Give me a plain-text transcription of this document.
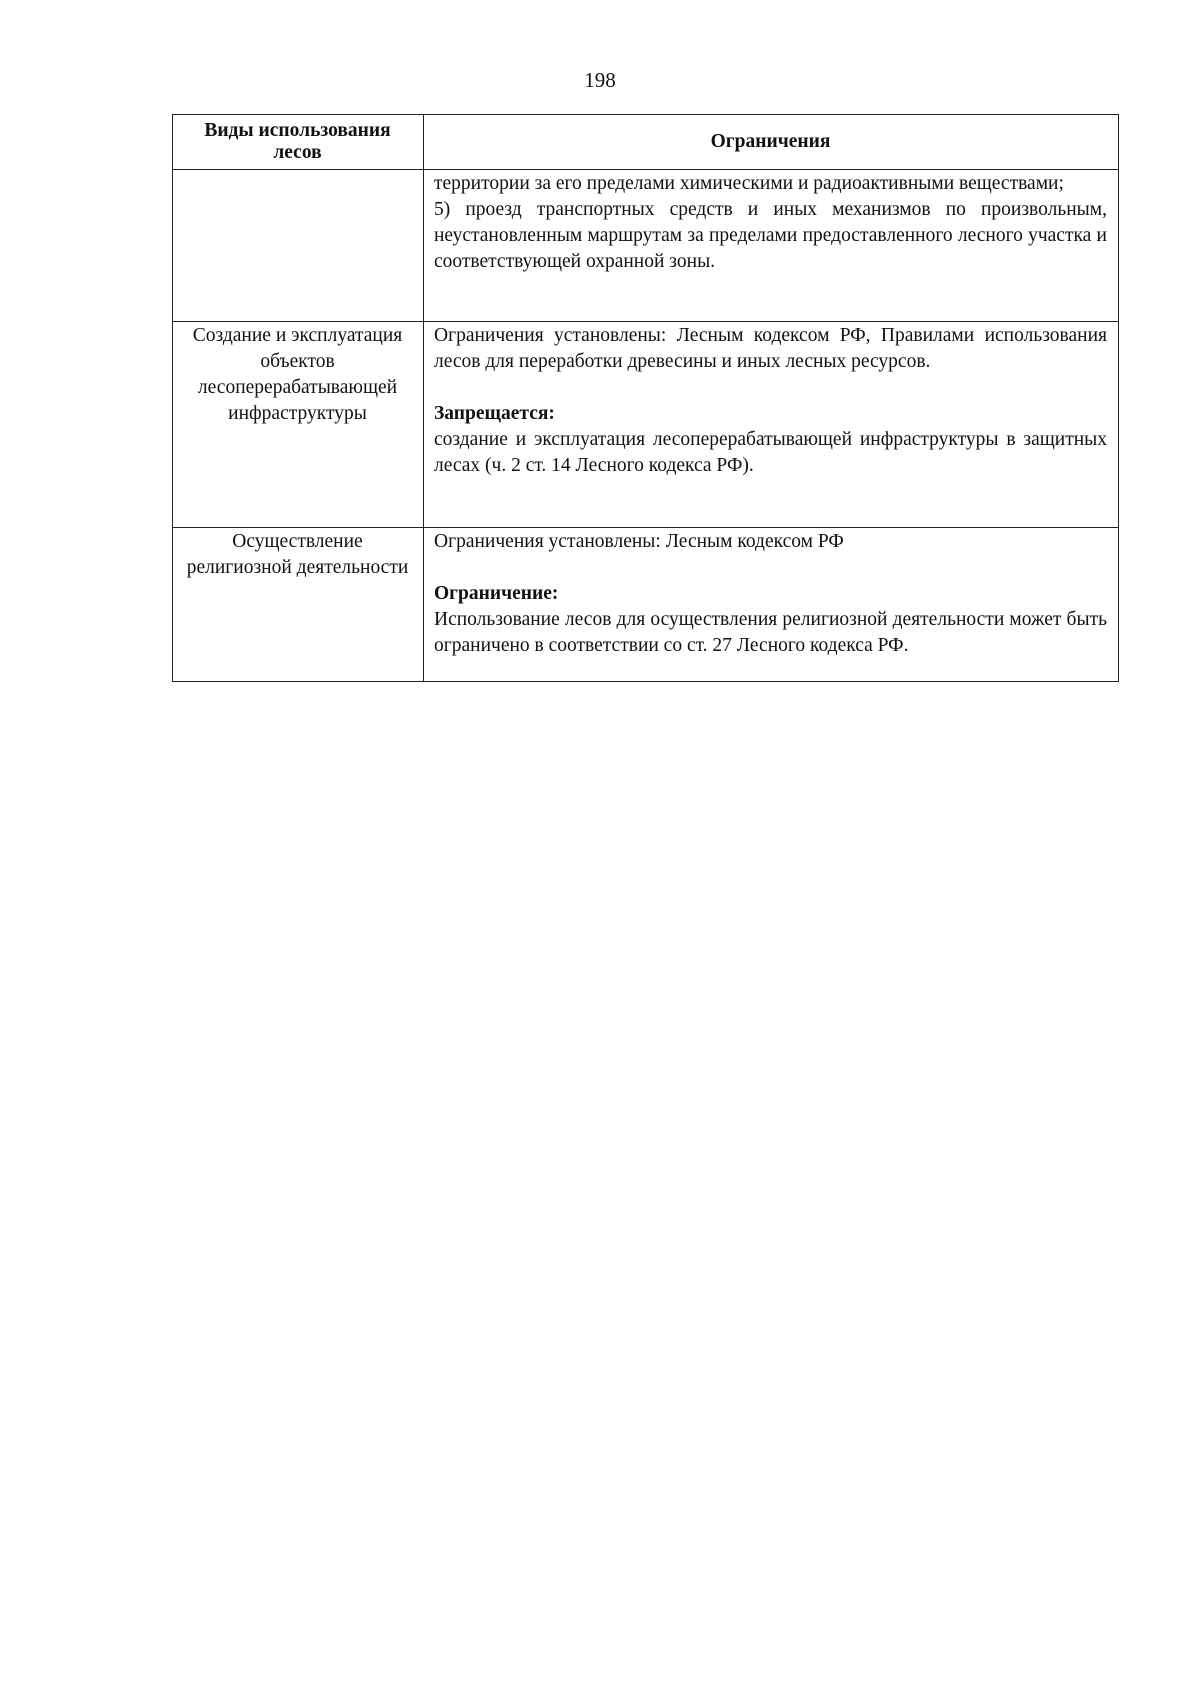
198
Виды использования лесов	Ограничения

	территории за его пределами химическими и радиоактивными веществами;

5) проезд транспортных средств и иных механизмов по произвольным, неустановленным маршрутам за пределами предоставленного лесного участка и соответствующей охранной зоны.

Создание и эксплуатация объектов лесоперерабатывающей инфраструктуры	Ограничения установлены: Лесным кодексом РФ, Правилами использования лесов для переработки древесины и иных лесных ресурсов.

Запрещается:

создание и эксплуатация лесоперерабатывающей инфраструктуры в защитных лесах (ч. 2 ст. 14 Лесного кодекса РФ).

Осуществление религиозной деятельности	Ограничения установлены: Лесным кодексом РФ

Ограничение:

Использование лесов для осуществления религиозной деятельности может быть ограничено в соответствии со ст. 27 Лесного кодекса РФ.
